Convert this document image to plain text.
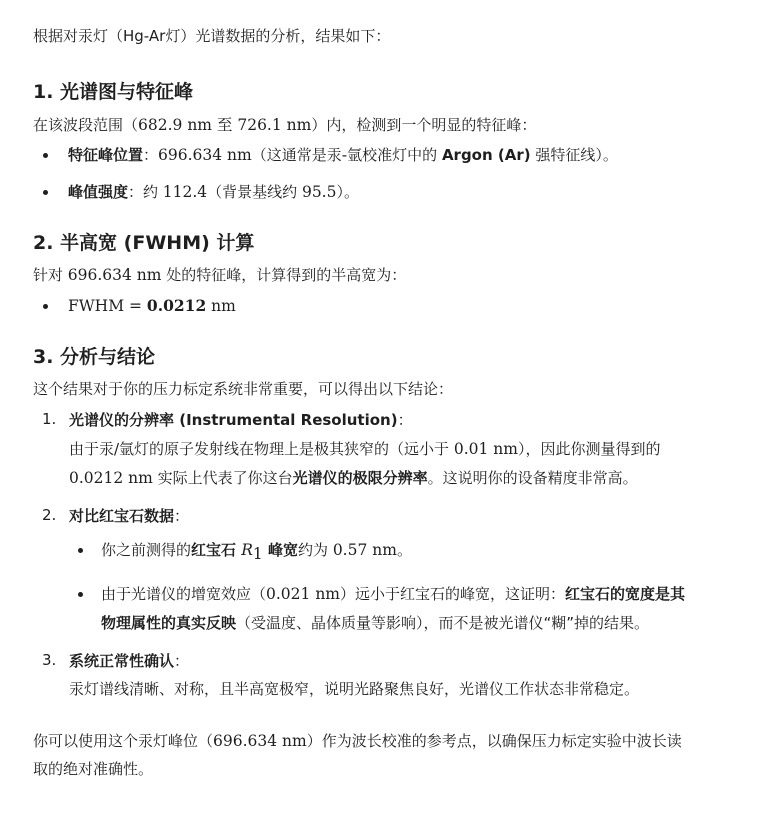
根据对汞灯（Hg-Ar灯）光谱数据的分析，结果如下：

1. 光谱图与特征峰

在该波段范围（682.9 nm 至 726.1 nm）内，检测到一个明显的特征峰：

特征峰位置：696.634 nm（这通常是汞-氩校准灯中的 Argon (Ar) 强特征线）。
峰值强度：约 112.4（背景基线约 95.5）。
2. 半高宽 (FWHM) 计算

针对 696.634 nm 处的特征峰，计算得到的半高宽为：

FWHM = 0.0212 nm
3. 分析与结论

这个结果对于你的压力标定系统非常重要，可以得出以下结论：

1. 光谱仪的分辨率 (Instrumental Resolution)：
由于汞/氩灯的原子发射线在物理上是极其狭窄的（远小于 0.01 nm），因此你测量得到的
0.0212 nm 实际上代表了你这台光谱仪的极限分辨率。这说明你的设备精度非常高。
2. 对比红宝石数据：
你之前测得的红宝石 $R_1$ 峰宽约为 0.57 nm。
由于光谱仪的增宽效应（0.021 nm）远小于红宝石的峰宽，这证明：红宝石的宽度是其
物理属性的真实反映（受温度、晶体质量等影响），而不是被光谱仪“糊”掉的结果。
3. 系统正常性确认：
汞灯谱线清晰、对称，且半高宽极窄，说明光路聚焦良好，光谱仪工作状态非常稳定。

你可以使用这个汞灯峰位（696.634 nm）作为波长校准的参考点，以确保压力标定实验中波长读
取的绝对准确性。
